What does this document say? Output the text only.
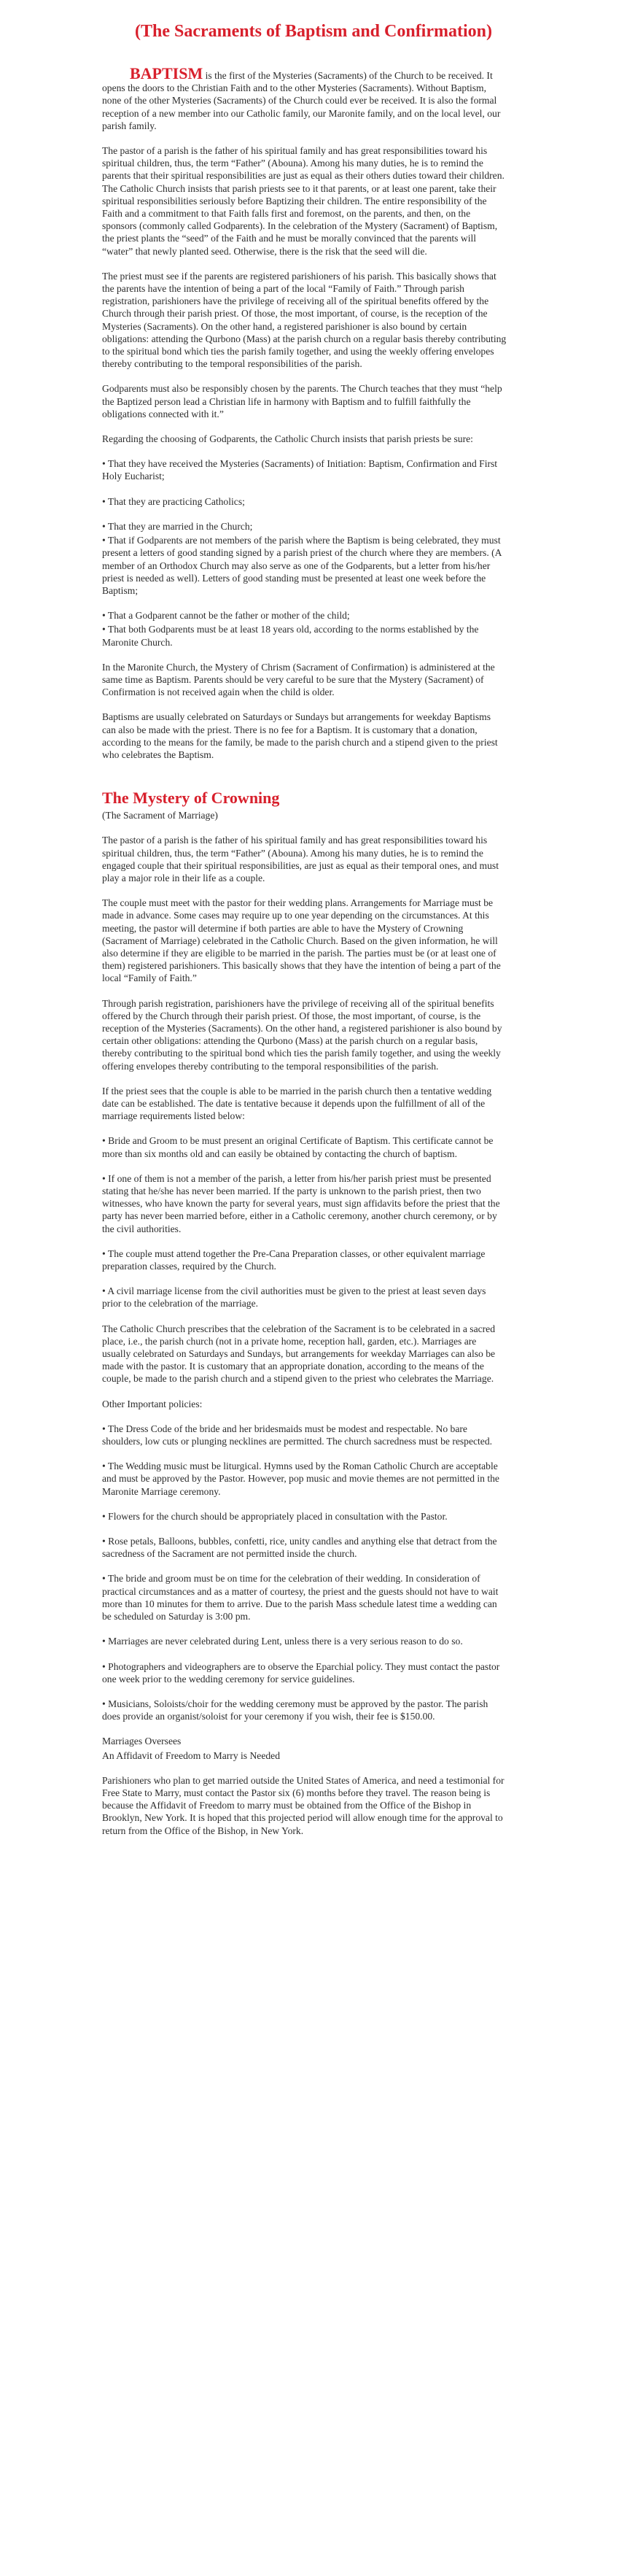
(The Sacraments of Baptism and Confirmation)

BAPTISM is the first of the Mysteries (Sacraments) of the Church to be received. It opens the doors to the Christian Faith and to the other Mysteries (Sacraments). Without Baptism, none of the other Mysteries (Sacraments) of the Church could ever be received. It is also the formal reception of a new member into our Catholic family, our Maronite family, and on the local level, our parish family.

The pastor of a parish is the father of his spiritual family and has great responsibilities toward his spiritual children, thus, the term “Father” (Abouna). Among his many duties, he is to remind the parents that their spiritual responsibilities are just as equal as their others duties toward their children. The Catholic Church insists that parish priests see to it that parents, or at least one parent, take their spiritual responsibilities seriously before Baptizing their children. The entire responsibility of the Faith and a commitment to that Faith falls first and foremost, on the parents, and then, on the sponsors (commonly called Godparents). In the celebration of the Mystery (Sacrament) of Baptism, the priest plants the “seed” of the Faith and he must be morally convinced that the parents will “water” that newly planted seed. Otherwise, there is the risk that the seed will die.

The priest must see if the parents are registered parishioners of his parish. This basically shows that the parents have the intention of being a part of the local “Family of Faith.” Through parish registration, parishioners have the privilege of receiving all of the spiritual benefits offered by the Church through their parish priest. Of those, the most important, of course, is the reception of the Mysteries (Sacraments). On the other hand, a registered parishioner is also bound by certain obligations: attending the Qurbono (Mass) at the parish church on a regular basis thereby contributing to the spiritual bond which ties the parish family together, and using the weekly offering envelopes thereby contributing to the temporal responsibilities of the parish.

Godparents must also be responsibly chosen by the parents. The Church teaches that they must “help the Baptized person lead a Christian life in harmony with Baptism and to fulfill faithfully the obligations connected with it.”

Regarding the choosing of Godparents, the Catholic Church insists that parish priests be sure:

• That they have received the Mysteries (Sacraments) of Initiation: Baptism, Confirmation and First Holy Eucharist;

• That they are practicing Catholics;

• That they are married in the Church;

• That if Godparents are not members of the parish where the Baptism is being celebrated, they must present a letters of good standing signed by a parish priest of the church where they are members. (A member of an Orthodox Church may also serve as one of the Godparents, but a letter from his/her priest is needed as well). Letters of good standing must be presented at least one week before the Baptism;

• That a Godparent cannot be the father or mother of the child;

• That both Godparents must be at least 18 years old, according to the norms established by the Maronite Church.

In the Maronite Church, the Mystery of Chrism (Sacrament of Confirmation) is administered at the same time as Baptism. Parents should be very careful to be sure that the Mystery (Sacrament) of Confirmation is not received again when the child is older.

Baptisms are usually celebrated on Saturdays or Sundays but arrangements for weekday Baptisms can also be made with the priest. There is no fee for a Baptism. It is customary that a donation, according to the means for the family, be made to the parish church and a stipend given to the priest who celebrates the Baptism.

The Mystery of Crowning

(The Sacrament of Marriage)

The pastor of a parish is the father of his spiritual family and has great responsibilities toward his spiritual children, thus, the term “Father” (Abouna). Among his many duties, he is to remind the engaged couple that their spiritual responsibilities, are just as equal as their temporal ones, and must play a major role in their life as a couple.

The couple must meet with the pastor for their wedding plans. Arrangements for Marriage must be made in advance. Some cases may require up to one year depending on the circumstances. At this meeting, the pastor will determine if both parties are able to have the Mystery of Crowning (Sacrament of Marriage) celebrated in the Catholic Church. Based on the given information, he will also determine if they are eligible to be married in the parish. The parties must be (or at least one of them) registered parishioners. This basically shows that they have the intention of being a part of the local “Family of Faith.”

Through parish registration, parishioners have the privilege of receiving all of the spiritual benefits offered by the Church through their parish priest. Of those, the most important, of course, is the reception of the Mysteries (Sacraments). On the other hand, a registered parishioner is also bound by certain other obligations: attending the Qurbono (Mass) at the parish church on a regular basis, thereby contributing to the spiritual bond which ties the parish family together, and using the weekly offering envelopes thereby contributing to the temporal responsibilities of the parish.

If the priest sees that the couple is able to be married in the parish church then a tentative wedding date can be established. The date is tentative because it depends upon the fulfillment of all of the marriage requirements listed below:

• Bride and Groom to be must present an original Certificate of Baptism. This certificate cannot be more than six months old and can easily be obtained by contacting the church of baptism.

• If one of them is not a member of the parish, a letter from his/her parish priest must be presented stating that he/she has never been married. If the party is unknown to the parish priest, then two witnesses, who have known the party for several years, must sign affidavits before the priest that the party has never been married before, either in a Catholic ceremony, another church ceremony, or by the civil authorities.

• The couple must attend together the Pre-Cana Preparation classes, or other equivalent marriage preparation classes, required by the Church.

• A civil marriage license from the civil authorities must be given to the priest at least seven days prior to the celebration of the marriage.

The Catholic Church prescribes that the celebration of the Sacrament is to be celebrated in a sacred place, i.e., the parish church (not in a private home, reception hall, garden, etc.). Marriages are usually celebrated on Saturdays and Sundays, but arrangements for weekday Marriages can also be made with the pastor. It is customary that an appropriate donation, according to the means of the couple, be made to the parish church and a stipend given to the priest who celebrates the Marriage.

Other Important policies:

• The Dress Code of the bride and her bridesmaids must be modest and respectable. No bare shoulders, low cuts or plunging necklines are permitted. The church sacredness must be respected.

• The Wedding music must be liturgical. Hymns used by the Roman Catholic Church are acceptable and must be approved by the Pastor. However, pop music and movie themes are not permitted in the Maronite Marriage ceremony.

• Flowers for the church should be appropriately placed in consultation with the Pastor.

• Rose petals, Balloons, bubbles, confetti, rice, unity candles and anything else that detract from the sacredness of the Sacrament are not permitted inside the church.

• The bride and groom must be on time for the celebration of their wedding. In consideration of practical circumstances and as a matter of courtesy, the priest and the guests should not have to wait more than 10 minutes for them to arrive. Due to the parish Mass schedule latest time a wedding can be scheduled on Saturday is 3:00 pm.

• Marriages are never celebrated during Lent, unless there is a very serious reason to do so.

• Photographers and videographers are to observe the Eparchial policy. They must contact the pastor one week prior to the wedding ceremony for service guidelines.

• Musicians, Soloists/choir for the wedding ceremony must be approved by the pastor. The parish does provide an organist/soloist for your ceremony if you wish, their fee is $150.00.

Marriages Oversees

An Affidavit of Freedom to Marry is Needed

Parishioners who plan to get married outside the United States of America, and need a testimonial for Free State to Marry, must contact the Pastor six (6) months before they travel. The reason being is because the Affidavit of Freedom to marry must be obtained from the Office of the Bishop in Brooklyn, New York. It is hoped that this projected period will allow enough time for the approval to return from the Office of the Bishop, in New York.
